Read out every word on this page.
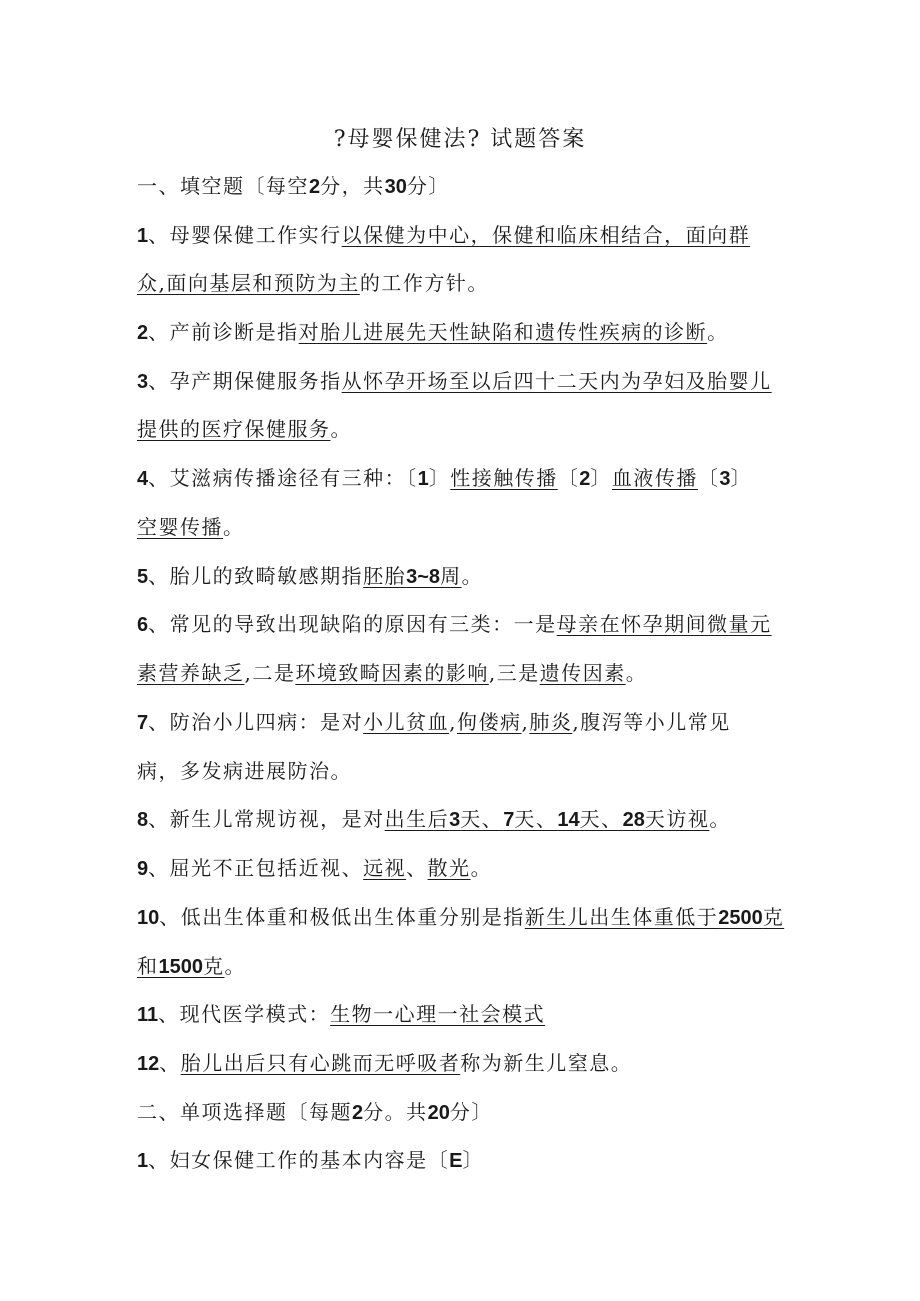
?母婴保健法? 试题答案
一、填空题〔每空2分，共30分〕
1、母婴保健工作实行以保健为中心，保健和临床相结合，面向群
众,面向基层和预防为主的工作方针。
2、产前诊断是指对胎儿进展先天性缺陷和遗传性疾病的诊断。
3、孕产期保健服务指从怀孕开场至以后四十二天内为孕妇及胎婴儿
提供的医疗保健服务。
4、艾滋病传播途径有三种：〔1〕性接触传播〔2〕血液传播〔3〕
空婴传播。
5、胎儿的致畸敏感期指胚胎3~8周。
6、常见的导致出现缺陷的原因有三类：一是母亲在怀孕期间微量元
素营养缺乏,二是环境致畸因素的影响,三是遗传因素。
7、防治小儿四病：是对小儿贫血,佝偻病,肺炎,腹泻等小儿常见
病，多发病进展防治。
8、新生儿常规访视，是对出生后3天、7天、14天、28天访视。
9、屈光不正包括近视、远视、散光。
10、低出生体重和极低出生体重分别是指新生儿出生体重低于2500克
和1500克。
11、现代医学模式：生物一心理一社会模式
12、胎儿出后只有心跳而无呼吸者称为新生儿窒息。
二、单项选择题〔每题2分。共20分〕
1、妇女保健工作的基本内容是〔E〕
